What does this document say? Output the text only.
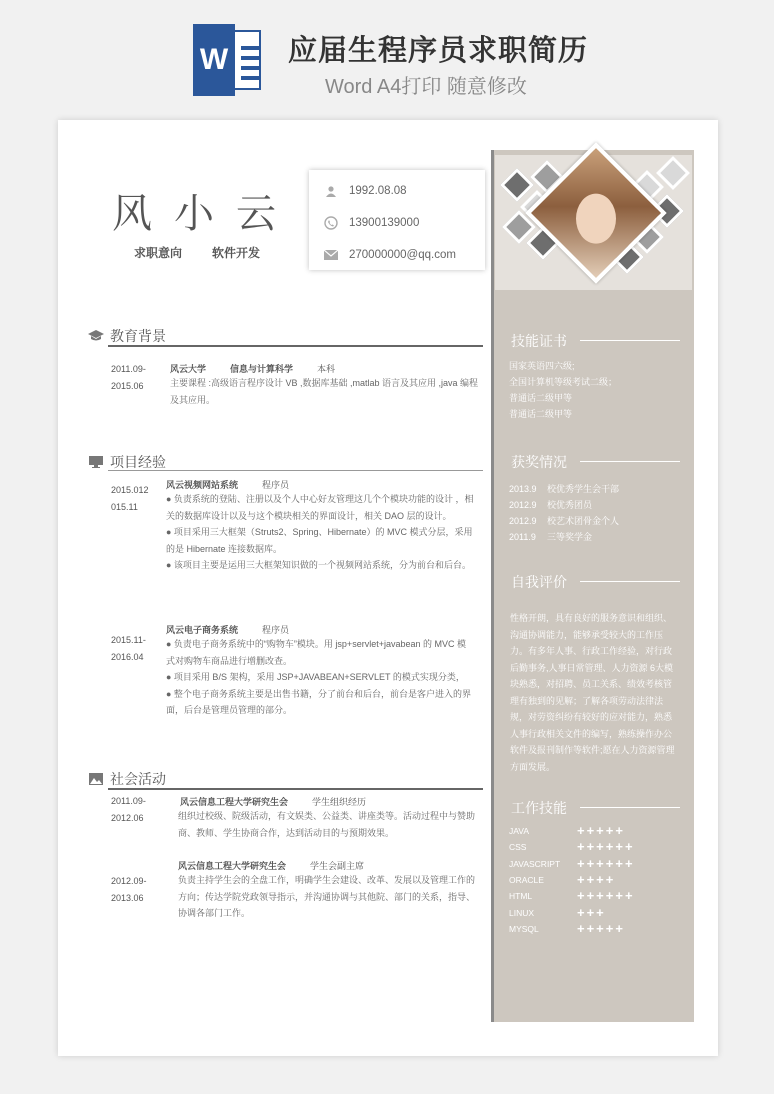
W 应届生程序员求职简历
Word A4打印 随意修改
风小云
求职意向 软件开发
1992.08.08
13900139000
270000000@qq.com
教育背景
2011.09-
2015.06
风云大学	信息与计算科学	本科
主要课程 :高级语言程序设计 VB ,数据库基础 ,matlab 语言及其应用 ,java 编程及其应用。
项目经验
2015.012
015.11
风云视频网站系统	程序员
● 负责系统的登陆、注册以及个人中心好友管理这几个个模块功能的设计 ，相关的数据库设计以及与这个模块相关的界面设计，相关 DAO 层的设计。
● 项目采用三大框架（Struts2、Spring、Hibernate）的 MVC 模式分层，采用的是 Hibernate 连接数据库。
● 该项目主要是运用三大框架知识做的一个视频网站系统，分为前台和后台。
2015.11-
2016.04
风云电子商务系统	程序员
● 负责电子商务系统中的“购物车”模块。用 jsp+servlet+javabean 的 MVC 模式对购物车商品进行增删改查。
● 项目采用 B/S 架构，采用 JSP+JAVABEAN+SERVLET 的模式实现分类，
● 整个电子商务系统主要是出售书籍，分了前台和后台，前台是客户进入的界面，后台是管理员管理的部分。
社会活动
2011.09-
2012.06
风云信息工程大学研究生会	学生组织经历
组织过校级、院级活动，有文娱类、公益类、讲座类等。活动过程中与赞助商、教师、学生协商合作，达到活动目的与预期效果。
2012.09-
2013.06
风云信息工程大学研究生会	学生会副主席
负责主持学生会的全盘工作，明确学生会建设、改革、发展以及管理工作的方向；传达学院党政领导指示，并沟通协调与其他院、部门的关系，指导、协调各部门工作。
技能证书
国家英语四六级;
全国计算机等级考试二级；
普通话二级甲等
普通话二级甲等
获奖情况
2013.9 校优秀学生会干部
2012.9 校优秀团员
2012.9 校艺术团骨金个人
2011.9 三等奖学金
自我评价
性格开朗，具有良好的服务意识和组织、沟通协调能力，能够承受较大的工作压力。有多年人事、行政工作经验，对行政后勤事务,人事日常管理、人力资源 6大模块熟悉，对招聘、员工关系、绩效考核管理有独到的见解；了解各项劳动法律法规，对劳资纠纷有较好的应对能力，熟悉人事行政相关文件的编写，熟练操作办公软件及报刊制作等软件;愿在人力资源管理方面发展。
工作技能
JAVA	+++++
CSS	++++++
JAVASCRIPT	++++++
ORACLE	++++
HTML	++++++
LINUX	+++
MYSQL	+++++
